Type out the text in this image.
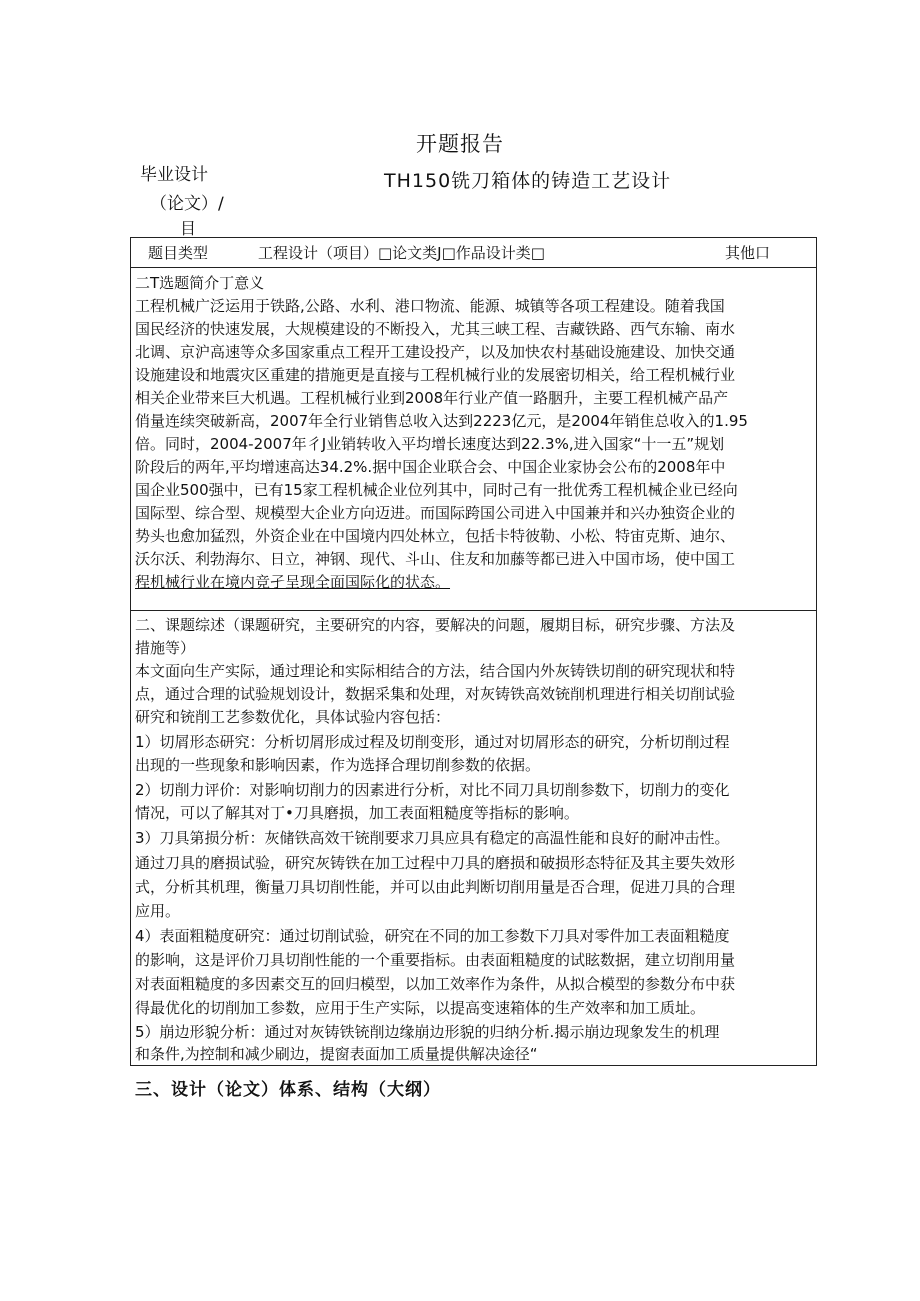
开题报告
毕业设计	TH150铣刀箱体的铸造工艺设计
（论文）∕
目
题目类型	工程设计（项目）□论文类J□作品设计类□	其他口
二T选题简介丁意义
工程机械广泛运用于铁路,公路、水利、港口物流、能源、城镇等各项工程建设。随着我国
国民经济的快速发展，大规模建设的不断投入，尤其三峡工程、吉藏铁路、西气东输、南水
北调、京沪高速等众多国家重点工程开工建设投产，以及加快农村基础设施建设、加快交通
设施建设和地震灾区重建的措施更是直接与工程机械行业的发展密切相关，给工程机械行业
相关企业带来巨大机遇。工程机械行业到2008年行业产值一路胭升，主要工程机械产品产
俏量连续突破新高，2007年全行业销售总收入达到2223亿元，是2004年销隹总收入的1.95
倍。同时，2004-2007年彳J业销转收入平均增长速度达到22.3%,进入国家“十一五”规划
阶段后的两年,平均增速高达34.2%.据中国企业联合会、中国企业家协会公布的2008年中
国企业500强中，已有15家工程机械企业位列其中，同时己有一批优秀工程机械企业已经向
国际型、综合型、规模型大企业方向迈进。而国际跨国公司进入中国兼并和兴办独资企业的
势头也愈加猛烈，外资企业在中国境内四处林立，包括卡特彼勒、小松、特宙克斯、迪尔、
沃尔沃、利勃海尔、日立，神钢、现代、斗山、住友和加藤等都已进入中国市场，使中国工
程机械行业在境内竞孑呈现全面国际化的状态。
二、课题综述（课题研究，主要研究的内容，要解决的问题，履期目标，研究步骤、方法及
措施等）
本文面向生产实际，通过理论和实际相结合的方法，结合国内外灰铸铁切削的研究现状和特
点，通过合理的试验规划设计，数据采集和处理，对灰铸铁高效铳削机理进行相关切削试验
研究和铳削工艺参数优化，具体试验内容包括：
1）切屑形态研究：分析切屑形成过程及切削变形，通过对切屑形态的研究，分析切削过程
出现的一些现象和影响因素，作为选择合理切削参数的依据。
2）切削力评价：对影响切削力的因素进行分析，对比不同刀具切削参数下，切削力的变化
情况，可以了解其对丁•刀具磨损，加工表面粗糙度等指标的影响。
3）刀具第损分析：灰储铁高效干铳削要求刀具应具有稳定的高温性能和良好的耐冲击性。
通过刀具的磨损试验，研究灰铸铁在加工过程中刀具的磨损和破损形态特征及其主要失效形
式，分析其机理，衡量刀具切削性能，并可以由此判断切削用量是否合理，促进刀具的合理
应用。
4）表面粗糙度研究：通过切削试验，研究在不同的加工参数下刀具对零件加工表面粗糙度
的影响，这是评价刀具切削性能的一个重要指标。由表面粗糙度的试眩数据，建立切削用量
对表面粗糙度的多因素交互的回归模型，以加工效率作为条件，从拟合模型的参数分布中获
得最优化的切削加工参数，应用于生产实际，以提高变速箱体的生产效率和加工质址。
5）崩边形貌分析：通过对灰铸铁铳削边缘崩边形貌的归纳分析.揭示崩边现象发生的机理
和条件,为控制和减少刷边，提窗表面加工质量提供解决途径“
三、设计（论文）体系、结构（大纲）
